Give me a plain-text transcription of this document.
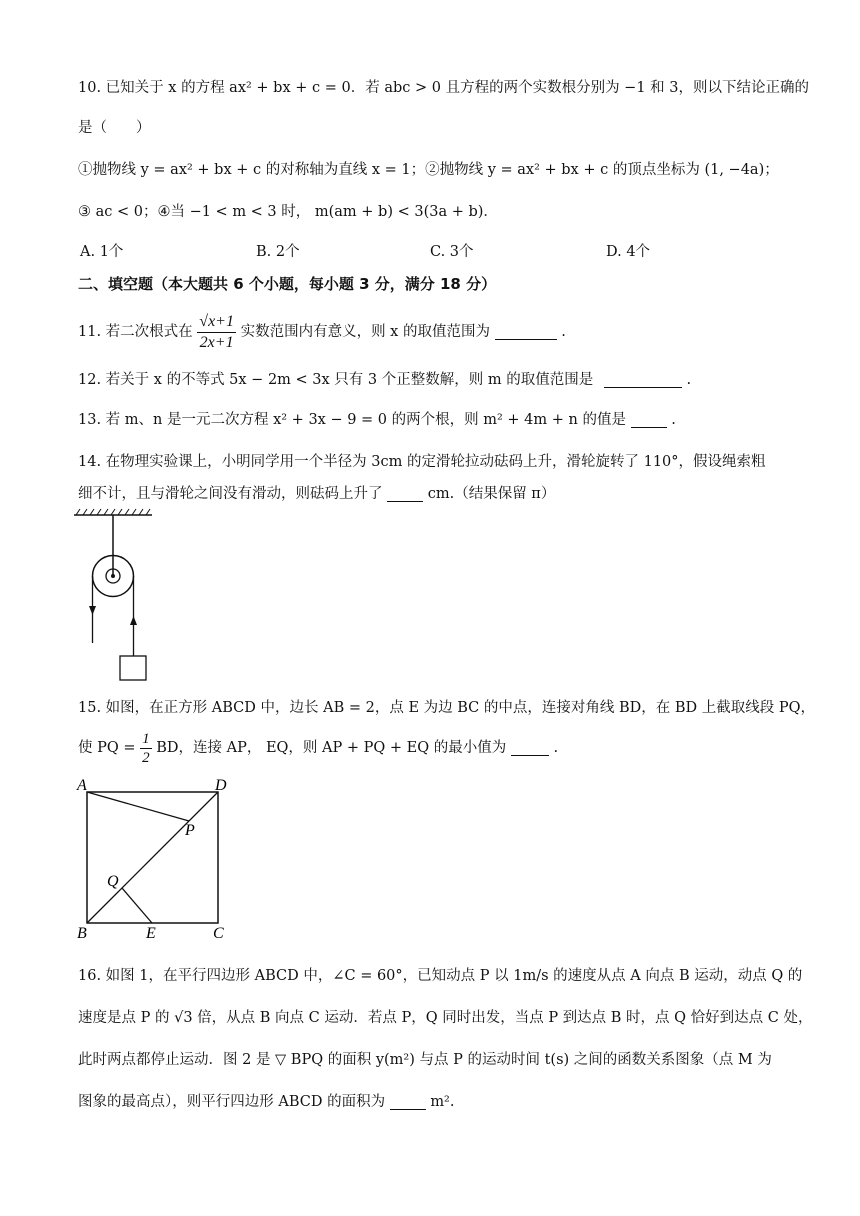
10. 已知关于 x 的方程 ax² + bx + c = 0．若 abc > 0 且方程的两个实数根分别为 −1 和 3，则以下结论正确的
是（　　）
①抛物线 y = ax² + bx + c 的对称轴为直线 x = 1；②抛物线 y = ax² + bx + c 的顶点坐标为 (1, −4a)；
③ ac < 0；④当 −1 < m < 3 时， m(am + b) < 3(3a + b)．
A. 1个	B. 2个	C. 3个	D. 4个
二、填空题（本大题共 6 个小题，每小题 3 分，满分 18 分）
11. 若二次根式在 $\frac{√x+1}{2x+1}$ 实数范围内有意义，则 x 的取值范围为	.
12. 若关于 x 的不等式 5x − 2m < 3x 只有 3 个正整数解，则 m 的取值范围是	.
13. 若 m、n 是一元二次方程 x² + 3x − 9 = 0 的两个根，则 m² + 4m + n 的值是	.
14. 在物理实验课上，小明同学用一个半径为 3cm 的定滑轮拉动砝码上升，滑轮旋转了 110°，假设绳索粗
细不计，且与滑轮之间没有滑动，则砝码上升了	cm.（结果保留 π）
15. 如图，在正方形 ABCD 中，边长 AB = 2，点 E 为边 BC 的中点，连接对角线 BD，在 BD 上截取线段 PQ，
使 PQ = $\frac{1}{2}$ BD，连接 AP， EQ，则 AP + PQ + EQ 的最小值为	.
A	D
B	C
E
P
Q
16. 如图 1，在平行四边形 ABCD 中，∠C = 60°，已知动点 P 以 1m/s 的速度从点 A 向点 B 运动，动点 Q 的
速度是点 P 的 √3 倍，从点 B 向点 C 运动．若点 P，Q 同时出发，当点 P 到达点 B 时，点 Q 恰好到达点 C 处，
此时两点都停止运动．图 2 是 ▽ BPQ 的面积 y(m²) 与点 P 的运动时间 t(s) 之间的函数关系图象（点 M 为
图象的最高点），则平行四边形 ABCD 的面积为	m².
